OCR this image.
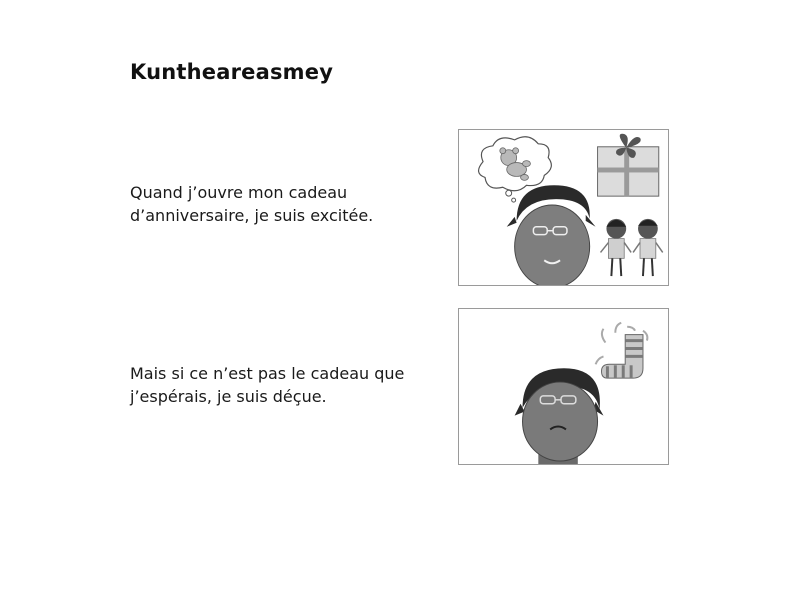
Kuntheareasmey

Quand j’ouvre mon cadeau
d’anniversaire, je suis excitée.

Mais si ce n’est pas le cadeau que
j’espérais, je suis déçue.
